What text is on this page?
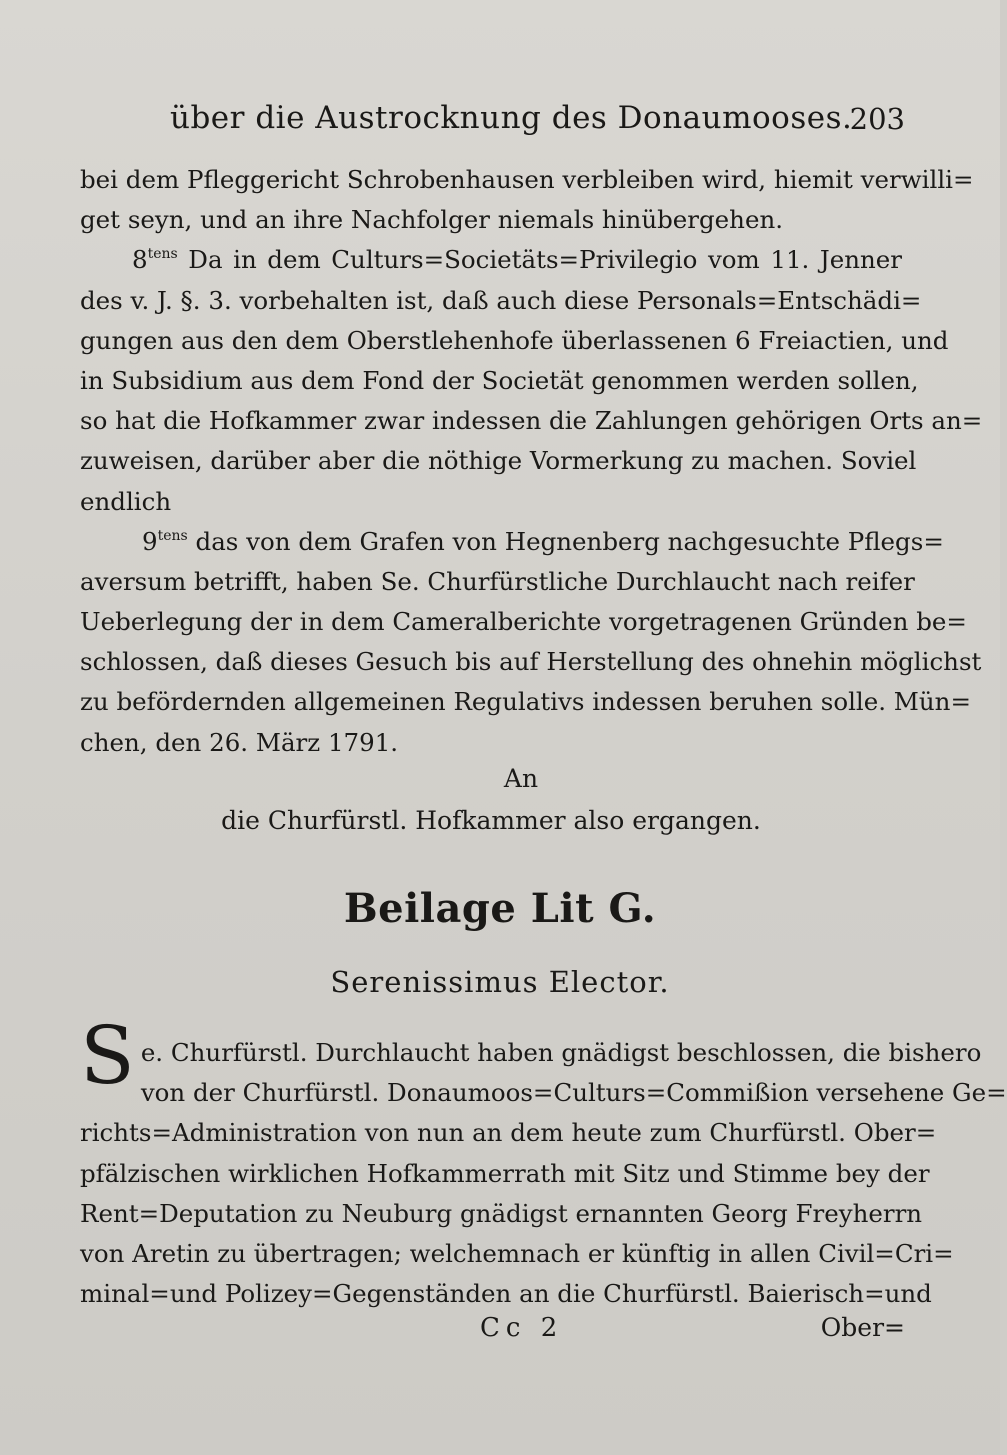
über die Austrocknung des Donaumooses.
203
bei dem Pfleggericht Schrobenhausen verbleiben wird, hiemit verwilli=
get seyn, und an ihre Nachfolger niemals hinübergehen.
$8^{tens}$ Da in dem Culturs=Societäts=Privilegio vom 11. Jenner
des v. J. §. 3. vorbehalten ist, daß auch diese Personals=Entschädi=
gungen aus den dem Oberstlehenhofe überlassenen 6 Freiactien, und
in Subsidium aus dem Fond der Societät genommen werden sollen,
so hat die Hofkammer zwar indessen die Zahlungen gehörigen Orts an=
zuweisen, darüber aber die nöthige Vormerkung zu machen. Soviel
endlich
$9^{tens}$ das von dem Grafen von Hegnenberg nachgesuchte Pflegs=
aversum betrifft, haben Se. Churfürstliche Durchlaucht nach reifer
Ueberlegung der in dem Cameralberichte vorgetragenen Gründen be=
schlossen, daß dieses Gesuch bis auf Herstellung des ohnehin möglichst
zu befördernden allgemeinen Regulativs indessen beruhen solle. Mün=
chen, den 26. März 1791.
An
die Churfürstl. Hofkammer also ergangen.
Beilage Lit G.
Serenissimus Elector.
S e. Churfürstl. Durchlaucht haben gnädigst beschlossen, die bishero
von der Churfürstl. Donaumoos=Culturs=Commißion versehene Ge=
richts=Administration von nun an dem heute zum Churfürstl. Ober=
pfälzischen wirklichen Hofkammerrath mit Sitz und Stimme bey der
Rent=Deputation zu Neuburg gnädigst ernannten Georg Freyherrn
von Aretin zu übertragen; welchemnach er künftig in allen Civil=Cri=
minal=und Polizey=Gegenständen an die Churfürstl. Baierisch=und
Cc 2	Ober=
